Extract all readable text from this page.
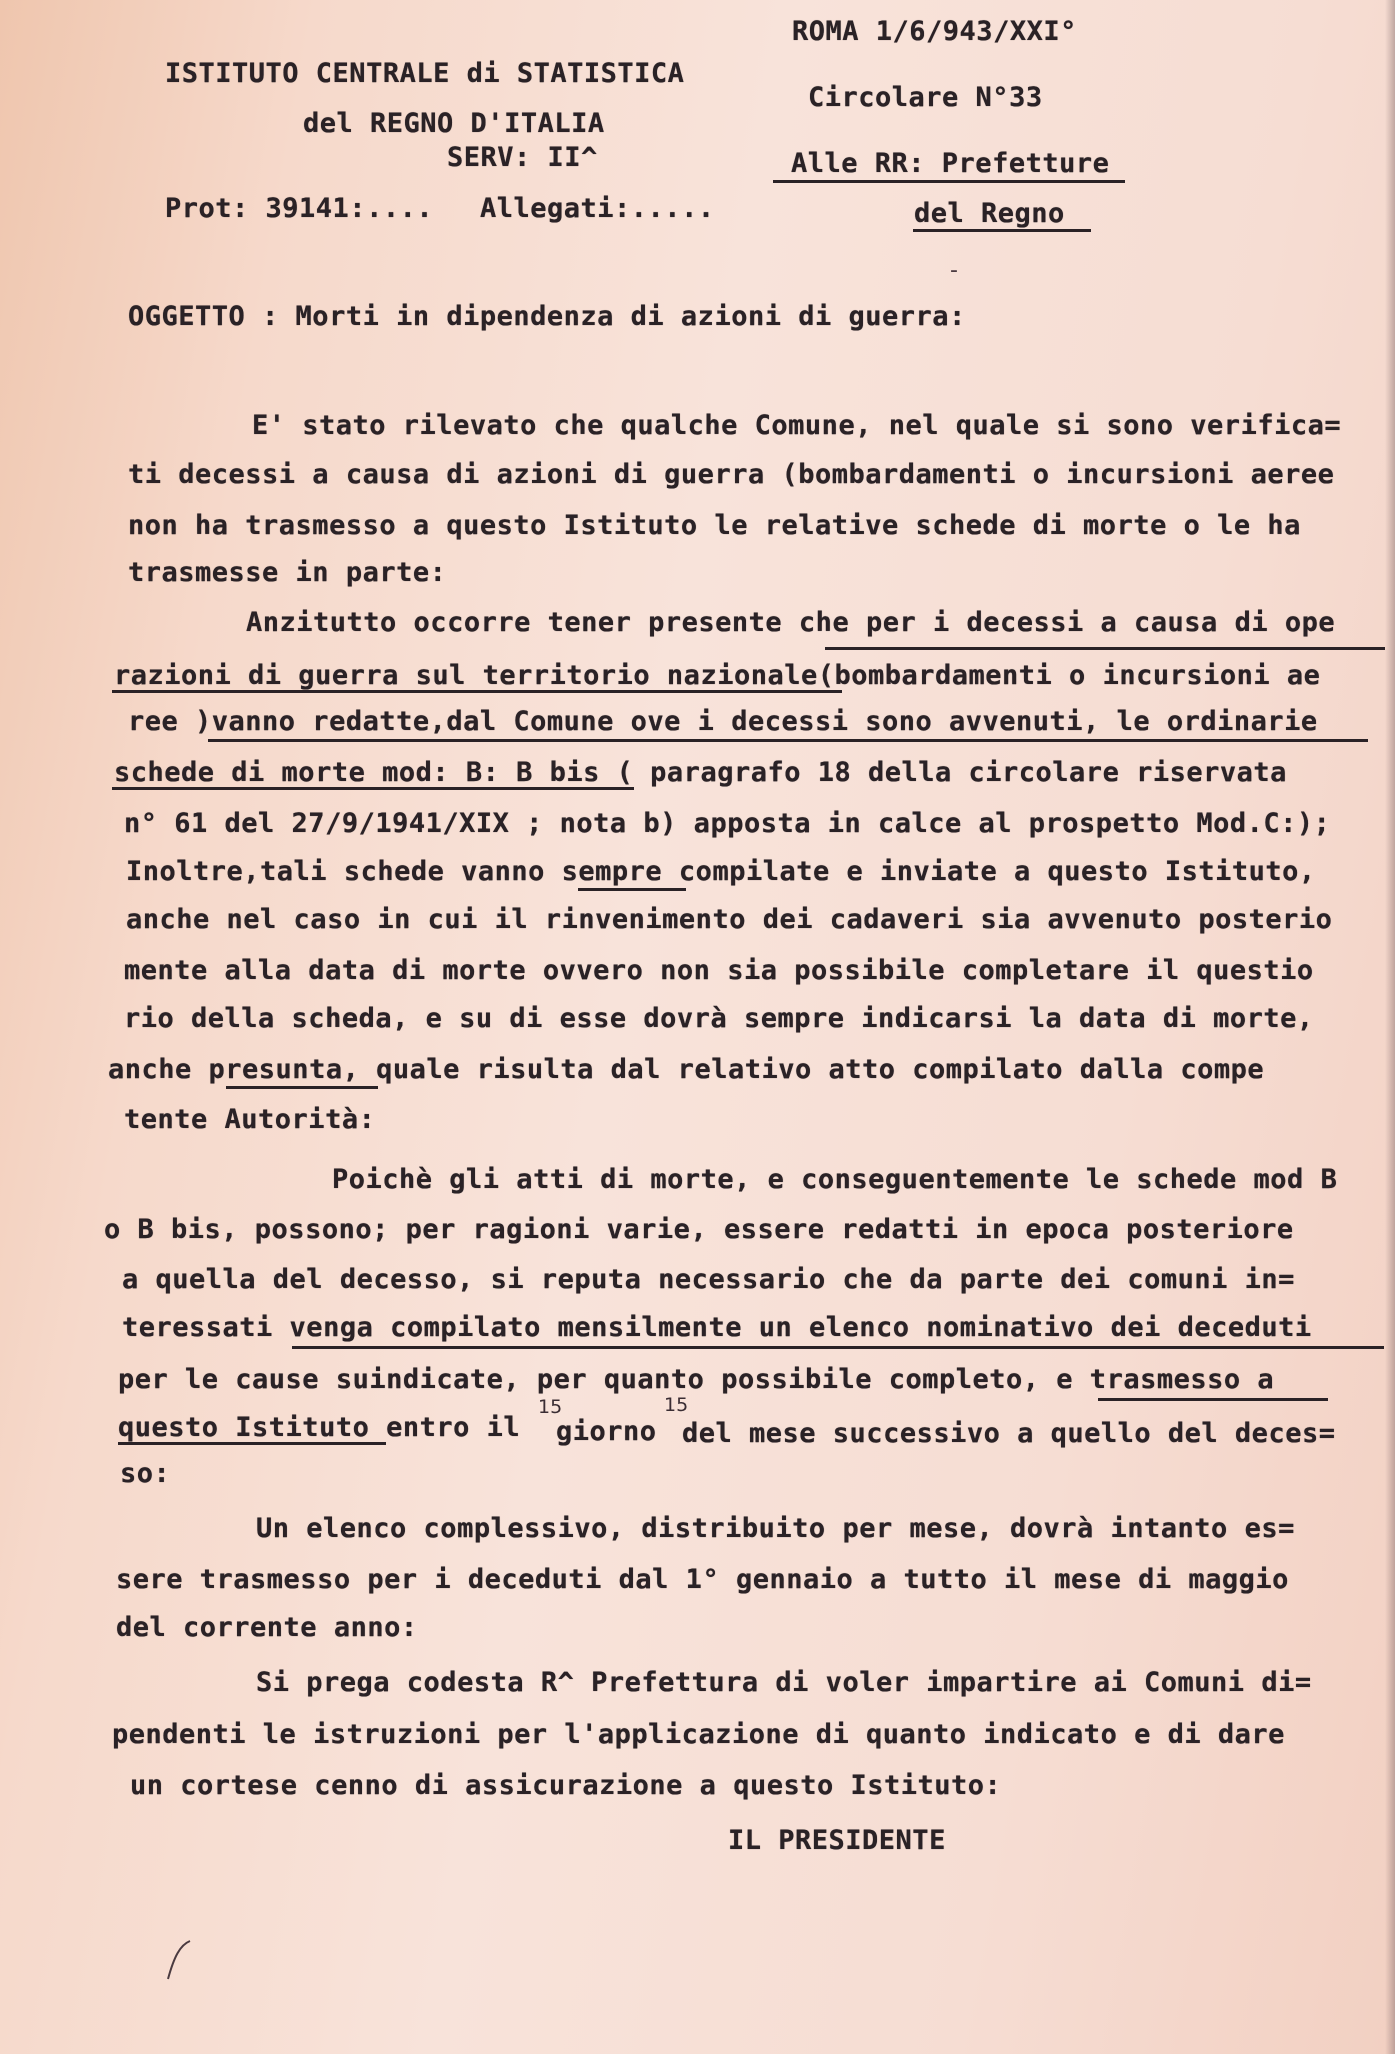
ISTITUTO CENTRALE di STATISTICA
del REGNO D'ITALIA
SERV: II^
Prot: 39141:.... Allegati:.....
ROMA 1/6/943/XXI°
Circolare N°33
Alle RR: Prefetture
del Regno
-
OGGETTO : Morti in dipendenza di azioni di guerra:
E' stato rilevato che qualche Comune, nel quale si sono verifica=
ti decessi a causa di azioni di guerra (bombardamenti o incursioni aeree
non ha trasmesso a questo Istituto le relative schede di morte o le ha
trasmesse in parte:
Anzitutto occorre tener presente che per i decessi a causa di ope
razioni di guerra sul territorio nazionale(bombardamenti o incursioni ae
ree )vanno redatte,dal Comune ove i decessi sono avvenuti, le ordinarie
schede di morte mod: B: B bis ( paragrafo 18 della circolare riservata
n° 61 del 27/9/1941/XIX ; nota b) apposta in calce al prospetto Mod.C:);
Inoltre,tali schede vanno sempre compilate e inviate a questo Istituto,
anche nel caso in cui il rinvenimento dei cadaveri sia avvenuto posterio
mente alla data di morte ovvero non sia possibile completare il questio
rio della scheda, e su di esse dovrà sempre indicarsi la data di morte,
anche presunta, quale risulta dal relativo atto compilato dalla compe
tente Autorità:
Poichè gli atti di morte, e conseguentemente le schede mod B
o B bis, possono; per ragioni varie, essere redatti in epoca posteriore
a quella del decesso, si reputa necessario che da parte dei comuni in=
teressati venga compilato mensilmente un elenco nominativo dei deceduti
per le cause suindicate, per quanto possibile completo, e trasmesso a
questo Istituto entro il
15
giorno
15
del mese successivo a quello del deces=
so:
Un elenco complessivo, distribuito per mese, dovrà intanto es=
sere trasmesso per i deceduti dal 1° gennaio a tutto il mese di maggio
del corrente anno:
Si prega codesta R^ Prefettura di voler impartire ai Comuni di=
pendenti le istruzioni per l'applicazione di quanto indicato e di dare
un cortese cenno di assicurazione a questo Istituto:
IL PRESIDENTE
